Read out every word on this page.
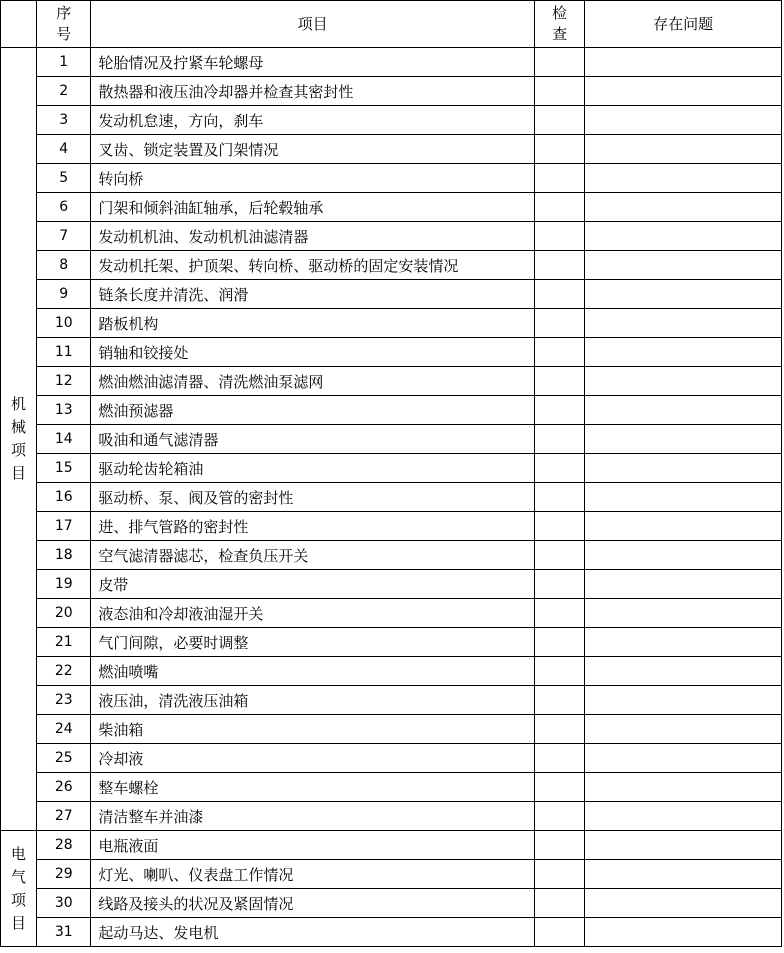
	序号	项目	检查	存在问题
机械项目	1	轮胎情况及拧紧车轮螺母		
	2	散热器和液压油冷却器并检查其密封性		
	3	发动机怠速，方向，刹车		
	4	叉齿、锁定装置及门架情况		
	5	转向桥		
	6	门架和倾斜油缸轴承，后轮毂轴承		
	7	发动机机油、发动机机油滤清器		
	8	发动机托架、护顶架、转向桥、驱动桥的固定安装情况		
	9	链条长度并清洗、润滑		
	10	踏板机构		
	11	销轴和铰接处		
	12	燃油燃油滤清器、清洗燃油泵滤网		
	13	燃油预滤器		
	14	吸油和通气滤清器		
	15	驱动轮齿轮箱油		
	16	驱动桥、泵、阀及管的密封性		
	17	进、排气管路的密封性		
	18	空气滤清器滤芯，检查负压开关		
	19	皮带		
	20	液态油和冷却液油湿开关		
	21	气门间隙，必要时调整		
	22	燃油喷嘴		
	23	液压油，清洗液压油箱		
	24	柴油箱		
	25	冷却液		
	26	整车螺栓		
	27	清洁整车并油漆		
电气项目	28	电瓶液面		
	29	灯光、喇叭、仪表盘工作情况		
	30	线路及接头的状况及紧固情况		
	31	起动马达、发电机		
